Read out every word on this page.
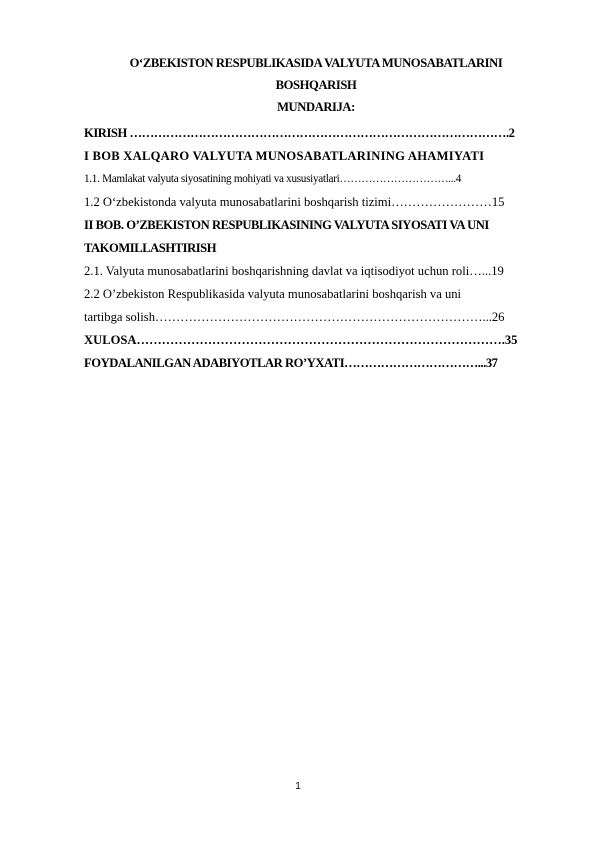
O‘ZBEKISTON RESPUBLIKASIDA VALYUTA MUNOSABATLARINI
BOSHQARISH
MUNDARIJA:
KIRISH ………………………………………………………………………………….2
I BOB XALQARO VALYUTA MUNOSABATLARINING AHAMIYATI
1.1. Mamlakat valyuta siyosatining mohiyati va xususiyatlari…………………………...4
1.2 O‘zbekistonda valyuta munosabatlarini boshqarish tizimi……………………15
II BOB. O’ZBEKISTON RESPUBLIKASINING VALYUTA SIYOSATI VA UNI
TAKOMILLASHTIRISH
2.1. Valyuta munosabatlarini boshqarishning davlat va iqtisodiyot uchun roli…...19
2.2 O’zbekiston Respublikasida valyuta munosabatlarini boshqarish va uni
tartibga solish……………………………………………………………………...26
XULOSA…………………………………………………………………………….35
FOYDALANILGAN ADABIYOTLAR RO’YXATI……………………………...37
1
